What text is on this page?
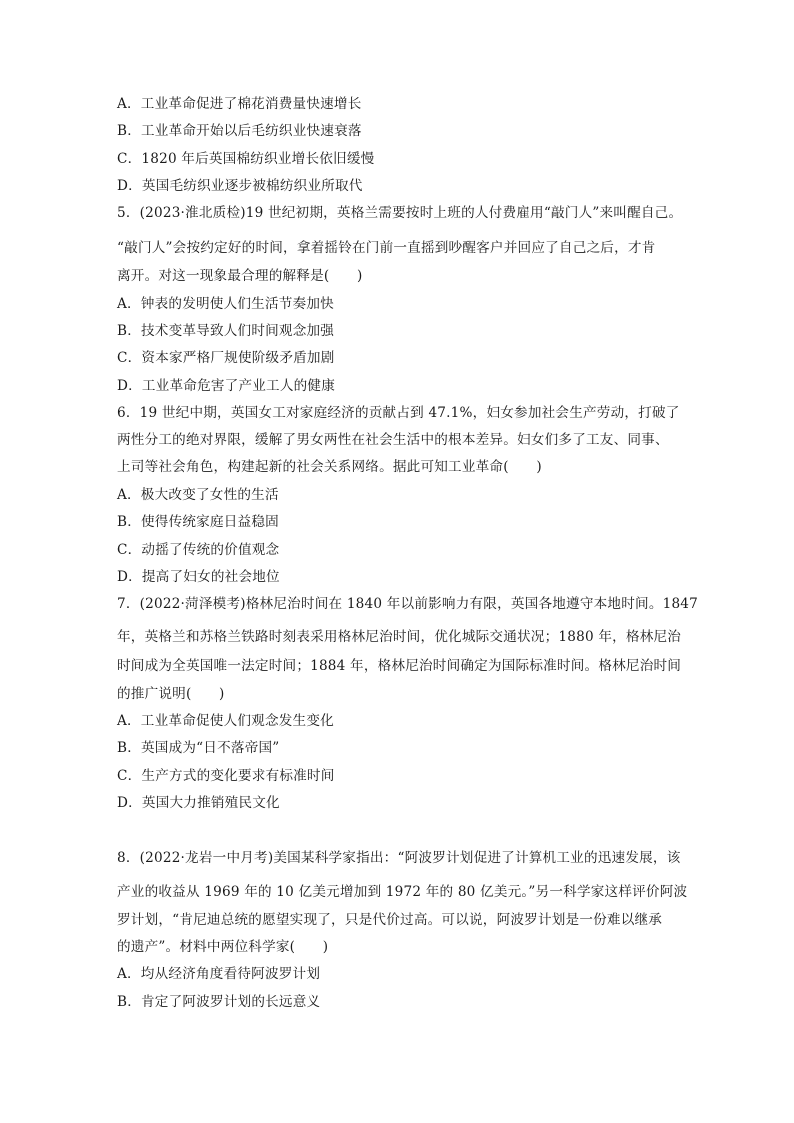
A．工业革命促进了棉花消费量快速增长
B．工业革命开始以后毛纺织业快速衰落
C．1820 年后英国棉纺织业增长依旧缓慢
D．英国毛纺织业逐步被棉纺织业所取代
5．(2023·淮北质检)19 世纪初期，英格兰需要按时上班的人付费雇用“敲门人”来叫醒自己。
“敲门人”会按约定好的时间，拿着摇铃在门前一直摇到吵醒客户并回应了自己之后，才肯
离开。对这一现象最合理的解释是(　　)
A．钟表的发明使人们生活节奏加快
B．技术变革导致人们时间观念加强
C．资本家严格厂规使阶级矛盾加剧
D．工业革命危害了产业工人的健康
6．19 世纪中期，英国女工对家庭经济的贡献占到 47.1%，妇女参加社会生产劳动，打破了
两性分工的绝对界限，缓解了男女两性在社会生活中的根本差异。妇女们多了工友、同事、
上司等社会角色，构建起新的社会关系网络。据此可知工业革命(　　)
A．极大改变了女性的生活
B．使得传统家庭日益稳固
C．动摇了传统的价值观念
D．提高了妇女的社会地位
7．(2022·菏泽模考)格林尼治时间在 1840 年以前影响力有限，英国各地遵守本地时间。1847
年，英格兰和苏格兰铁路时刻表采用格林尼治时间，优化城际交通状况；1880 年，格林尼治
时间成为全英国唯一法定时间；1884 年，格林尼治时间确定为国际标准时间。格林尼治时间
的推广说明(　　)
A．工业革命促使人们观念发生变化
B．英国成为“日不落帝国”
C．生产方式的变化要求有标准时间
D．英国大力推销殖民文化
8．(2022·龙岩一中月考)美国某科学家指出：“阿波罗计划促进了计算机工业的迅速发展，该
产业的收益从 1969 年的 10 亿美元增加到 1972 年的 80 亿美元。”另一科学家这样评价阿波
罗计划，“肯尼迪总统的愿望实现了，只是代价过高。可以说，阿波罗计划是一份难以继承
的遗产”。材料中两位科学家(　　)
A．均从经济角度看待阿波罗计划
B．肯定了阿波罗计划的长远意义
